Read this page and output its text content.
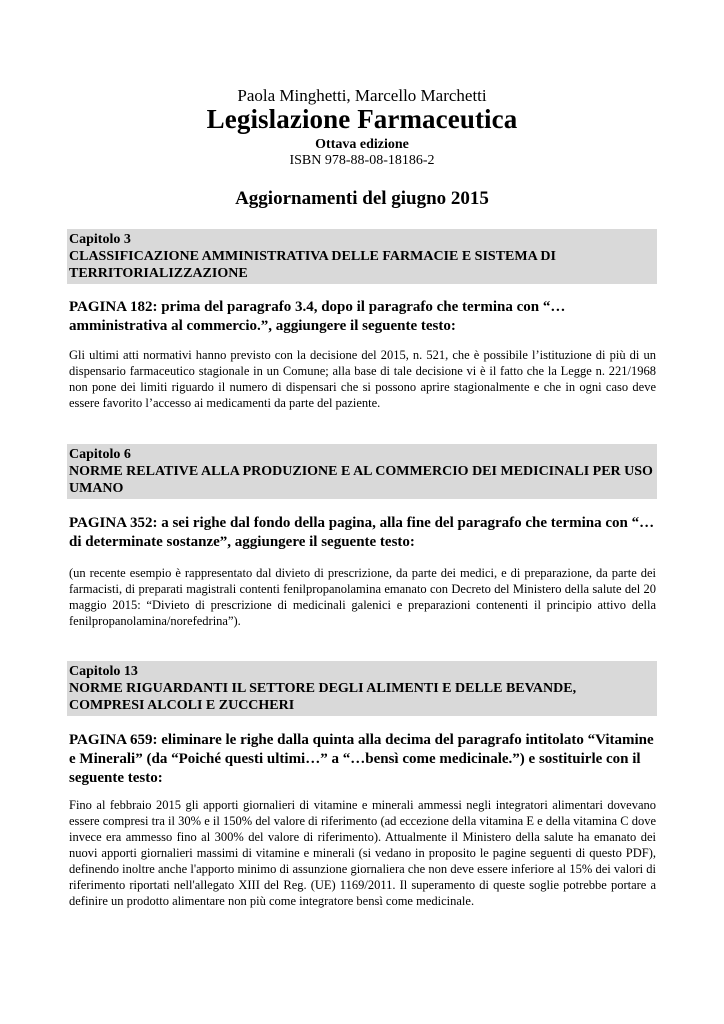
Paola Minghetti, Marcello Marchetti
Legislazione Farmaceutica
Ottava edizione
ISBN 978-88-08-18186-2
Aggiornamenti del giugno 2015
Capitolo 3
CLASSIFICAZIONE AMMINISTRATIVA DELLE FARMACIE E SISTEMA DI TERRITORIALIZZAZIONE
PAGINA 182: prima del paragrafo 3.4, dopo il paragrafo che termina con “…amministrativa al commercio.”, aggiungere il seguente testo:
Gli ultimi atti normativi hanno previsto con la decisione del 2015, n. 521, che è possibile l’istituzione di più di un dispensario farmaceutico stagionale in un Comune; alla base di tale decisione vi è il fatto che la Legge n. 221/1968 non pone dei limiti riguardo il numero di dispensari che si possono aprire stagionalmente e che in ogni caso deve essere favorito l’accesso ai medicamenti da parte del paziente.
Capitolo 6
NORME RELATIVE ALLA PRODUZIONE E AL COMMERCIO DEI MEDICINALI PER USO UMANO
PAGINA 352: a sei righe dal fondo della pagina, alla fine del paragrafo che termina con “…di determinate sostanze”, aggiungere il seguente testo:
(un recente esempio è rappresentato dal divieto di prescrizione, da parte dei medici, e di preparazione, da parte dei farmacisti, di preparati magistrali contenti fenilpropanolamina emanato con Decreto del Ministero della salute del 20 maggio 2015: “Divieto di prescrizione di medicinali galenici e preparazioni contenenti il principio attivo della fenilpropanolamina/norefedrina”).
Capitolo 13
NORME RIGUARDANTI IL SETTORE DEGLI ALIMENTI E DELLE BEVANDE, COMPRESI ALCOLI E ZUCCHERI
PAGINA 659: eliminare le righe dalla quinta alla decima del paragrafo intitolato “Vitamine e Minerali” (da “Poiché questi ultimi…” a “…bensì come medicinale.”) e sostituirle con il seguente testo:
Fino al febbraio 2015 gli apporti giornalieri di vitamine e minerali ammessi negli integratori alimentari dovevano essere compresi tra il 30% e il 150% del valore di riferimento (ad eccezione della vitamina E e della vitamina C dove invece era ammesso fino al 300% del valore di riferimento). Attualmente il Ministero della salute ha emanato dei nuovi apporti giornalieri massimi di vitamine e minerali (si vedano in proposito le pagine seguenti di questo PDF), definendo inoltre anche l'apporto minimo di assunzione giornaliera che non deve essere inferiore al 15% dei valori di riferimento riportati nell'allegato XIII del Reg. (UE) 1169/2011. Il superamento di queste soglie potrebbe portare a definire un prodotto alimentare non più come integratore bensì come medicinale.
